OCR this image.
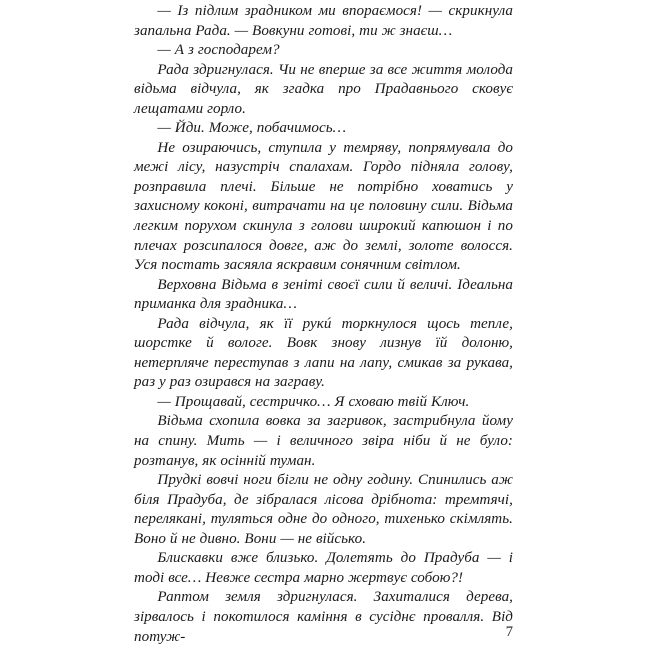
— Із підлим зрадником ми впораємося! — скрикнула запальна Рада. — Вовкуни готові, ти ж знаєш…

— А з господарем?

Рада здригнулася. Чи не вперше за все життя молода відьма відчула, як згадка про Прадавнього сковує лещатами горло.

— Йди. Може, побачимось…

Не озираючись, ступила у темряву, попрямувала до межі лісу, назустріч спалахам. Гордо підняла голову, розправила плечі. Більше не потрібно ховатись у захисному коконі, витрачати на це половину сили. Відьма легким порухом скинула з голови широкий капюшон і по плечах розсипалося довге, аж до землі, золоте волосся. Уся постать засяяла яскравим сонячним світлом.

Верховна Відьма в зеніті своєї сили й величі. Ідеальна приманка для зрадника…

Рада відчула, як її рукú торкнулося щось тепле, шорстке й вологе. Вовк знову лизнув їй долоню, нетерпляче переступав з лапи на лапу, смикав за рукава, раз у раз озирався на заграву.

— Прощавай, сестричко… Я сховаю твій Ключ.

Відьма схопила вовка за загривок, застрибнула йому на спину. Мить — і величного звіра ніби й не було: розтанув, як осінній туман.

Прудкі вовчі ноги бігли не одну годину. Спинились аж біля Прадуба, де зібралася лісова дрібнота: тремтячі, перелякані, туляться одне до одного, тихенько скімлять. Воно й не дивно. Вони — не військо.

Блискавки вже близько. Долетять до Прадуба — і тоді все… Невже сестра марно жертвує собою?!

Раптом земля здригнулася. Захиталися дерева, зірвалось і покотилося каміння в сусіднє провалля. Від потуж-	7
